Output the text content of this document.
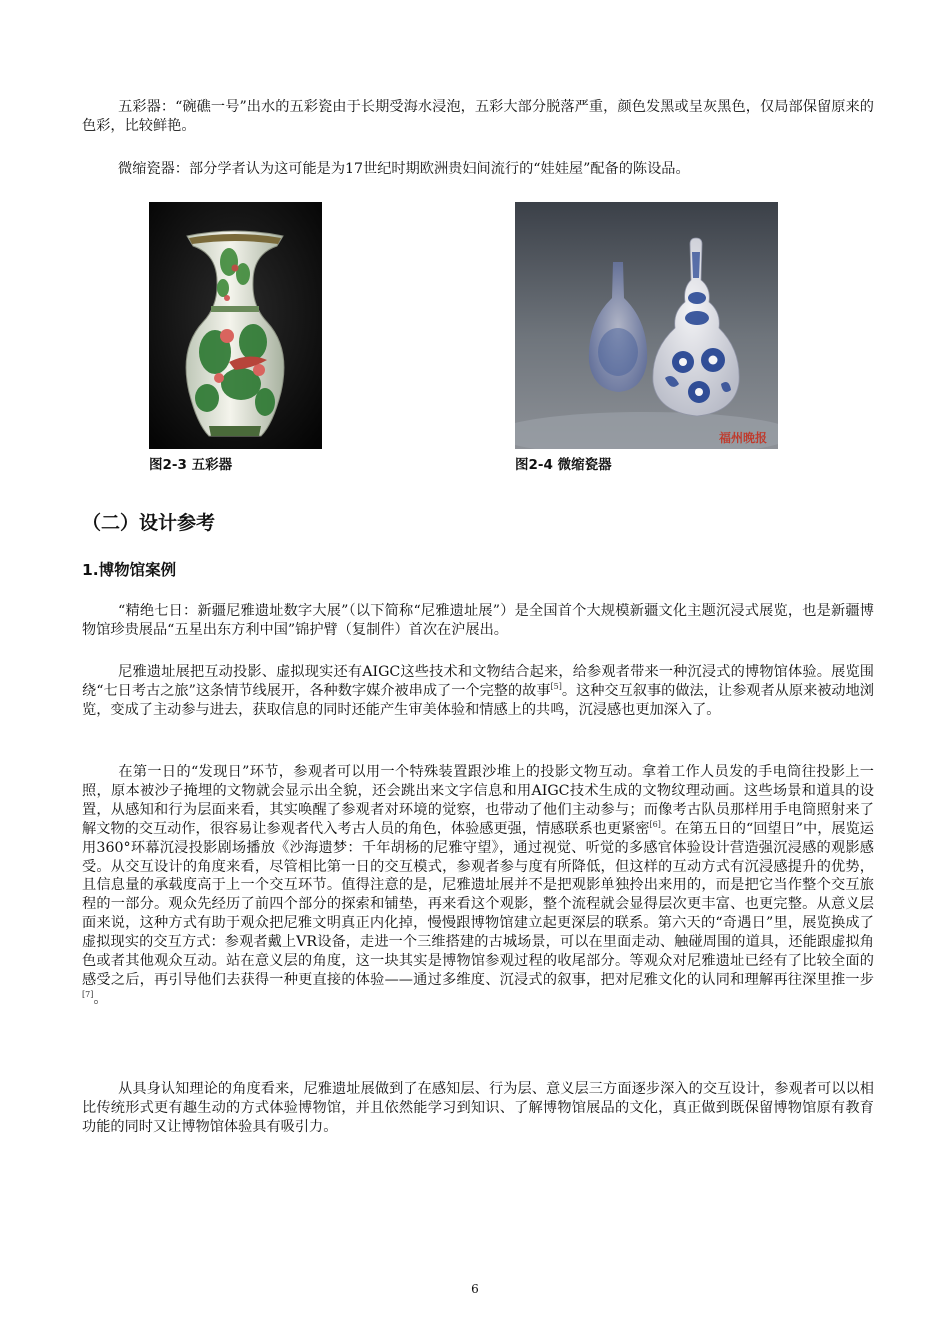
五彩器：“碗礁一号”出水的五彩瓷由于长期受海水浸泡，五彩大部分脱落严重，颜色发黑或呈灰黑色，仅局部保留原来的色彩，比较鲜艳。

微缩瓷器：部分学者认为这可能是为17世纪时期欧洲贵妇间流行的“娃娃屋”配备的陈设品。

图2-3 五彩器
福州晚报
图2-4 微缩瓷器
（二）设计参考
1.博物馆案例

“精绝七日：新疆尼雅遗址数字大展”（以下简称“尼雅遗址展”）是全国首个大规模新疆文化主题沉浸式展览，也是新疆博物馆珍贵展品“五星出东方利中国”锦护臂（复制件）首次在沪展出。

尼雅遗址展把互动投影、虚拟现实还有AIGC这些技术和文物结合起来，给参观者带来一种沉浸式的博物馆体验。展览围绕“七日考古之旅”这条情节线展开，各种数字媒介被串成了一个完整的故事[5]。这种交互叙事的做法，让参观者从原来被动地浏览，变成了主动参与进去，获取信息的同时还能产生审美体验和情感上的共鸣，沉浸感也更加深入了。

在第一日的“发现日”环节，参观者可以用一个特殊装置跟沙堆上的投影文物互动。拿着工作人员发的手电筒往投影上一照，原本被沙子掩埋的文物就会显示出全貌，还会跳出来文字信息和用AIGC技术生成的文物纹理动画。这些场景和道具的设置，从感知和行为层面来看，其实唤醒了参观者对环境的觉察，也带动了他们主动参与；而像考古队员那样用手电筒照射来了解文物的交互动作，很容易让参观者代入考古人员的角色，体验感更强，情感联系也更紧密[6]。在第五日的“回望日”中，展览运用360°环幕沉浸投影剧场播放《沙海遗梦：千年胡杨的尼雅守望》，通过视觉、听觉的多感官体验设计营造强沉浸感的观影感受。从交互设计的角度来看，尽管相比第一日的交互模式，参观者参与度有所降低，但这样的互动方式有沉浸感提升的优势，且信息量的承载度高于上一个交互环节。值得注意的是，尼雅遗址展并不是把观影单独拎出来用的，而是把它当作整个交互旅程的一部分。观众先经历了前四个部分的探索和铺垫，再来看这个观影，整个流程就会显得层次更丰富、也更完整。从意义层面来说，这种方式有助于观众把尼雅文明真正内化掉，慢慢跟博物馆建立起更深层的联系。第六天的“奇遇日”里，展览换成了虚拟现实的交互方式：参观者戴上VR设备，走进一个三维搭建的古城场景，可以在里面走动、触碰周围的道具，还能跟虚拟角色或者其他观众互动。站在意义层的角度，这一块其实是博物馆参观过程的收尾部分。等观众对尼雅遗址已经有了比较全面的感受之后，再引导他们去获得一种更直接的体验——通过多维度、沉浸式的叙事，把对尼雅文化的认同和理解再往深里推一步[7]。

从具身认知理论的角度看来，尼雅遗址展做到了在感知层、行为层、意义层三方面逐步深入的交互设计，参观者可以以相比传统形式更有趣生动的方式体验博物馆，并且依然能学习到知识、了解博物馆展品的文化，真正做到既保留博物馆原有教育功能的同时又让博物馆体验具有吸引力。

6
